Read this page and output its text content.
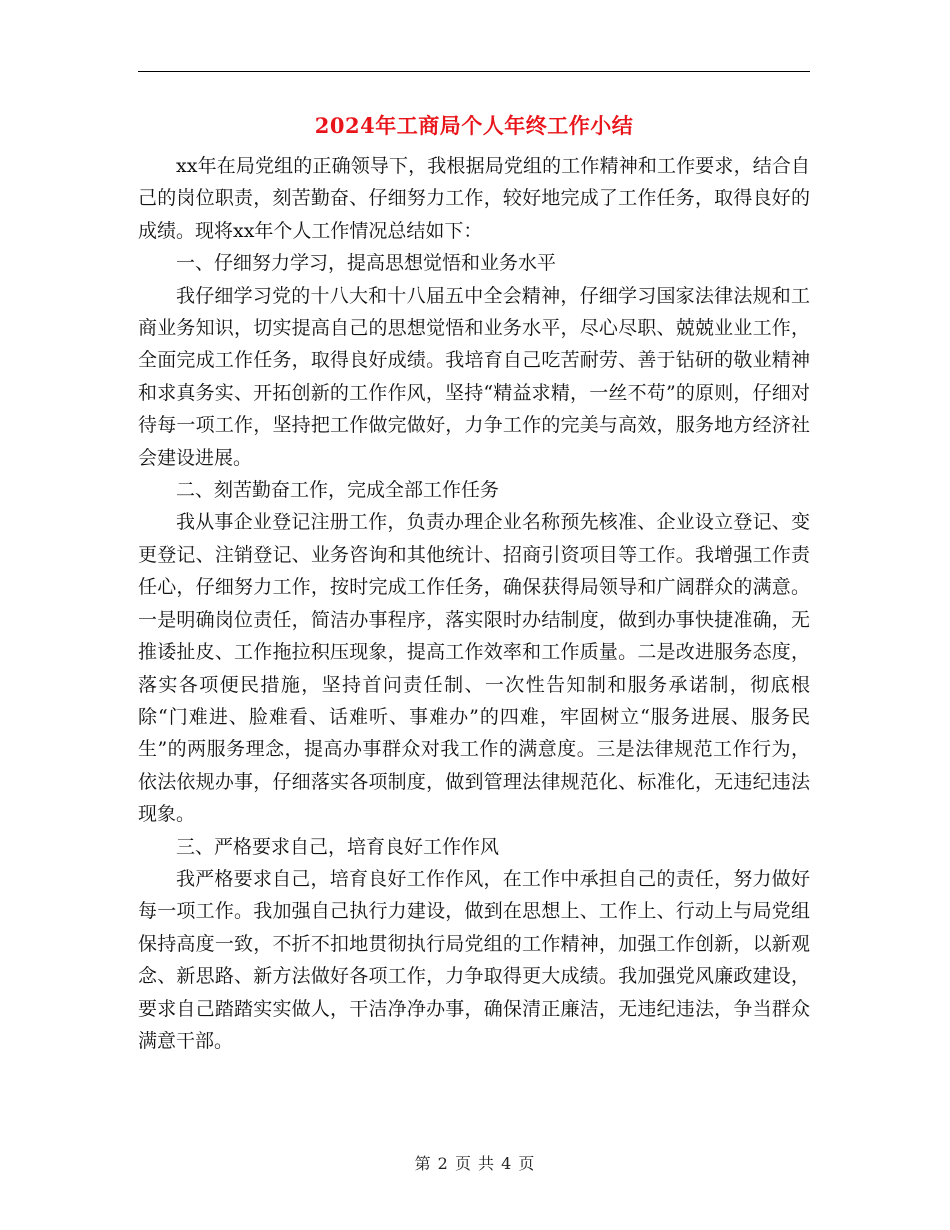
2024年工商局个人年终工作小结

xx年在局党组的正确领导下，我根据局党组的工作精神和工作要求，结合自己的岗位职责，刻苦勤奋、仔细努力工作，较好地完成了工作任务，取得良好的成绩。现将xx年个人工作情况总结如下：

一、仔细努力学习，提高思想觉悟和业务水平

我仔细学习党的十八大和十八届五中全会精神，仔细学习国家法律法规和工商业务知识，切实提高自己的思想觉悟和业务水平，尽心尽职、兢兢业业工作，全面完成工作任务，取得良好成绩。我培育自己吃苦耐劳、善于钻研的敬业精神和求真务实、开拓创新的工作作风，坚持“精益求精，一丝不苟”的原则，仔细对待每一项工作，坚持把工作做完做好，力争工作的完美与高效，服务地方经济社会建设进展。

二、刻苦勤奋工作，完成全部工作任务

我从事企业登记注册工作，负责办理企业名称预先核准、企业设立登记、变更登记、注销登记、业务咨询和其他统计、招商引资项目等工作。我增强工作责任心，仔细努力工作，按时完成工作任务，确保获得局领导和广阔群众的满意。一是明确岗位责任，简洁办事程序，落实限时办结制度，做到办事快捷准确，无推诿扯皮、工作拖拉积压现象，提高工作效率和工作质量。二是改进服务态度，落实各项便民措施，坚持首问责任制、一次性告知制和服务承诺制，彻底根除“门难进、脸难看、话难听、事难办”的四难，牢固树立“服务进展、服务民生”的两服务理念，提高办事群众对我工作的满意度。三是法律规范工作行为，依法依规办事，仔细落实各项制度，做到管理法律规范化、标准化，无违纪违法现象。

三、严格要求自己，培育良好工作作风

我严格要求自己，培育良好工作作风，在工作中承担自己的责任，努力做好每一项工作。我加强自己执行力建设，做到在思想上、工作上、行动上与局党组保持高度一致，不折不扣地贯彻执行局党组的工作精神，加强工作创新，以新观念、新思路、新方法做好各项工作，力争取得更大成绩。我加强党风廉政建设，要求自己踏踏实实做人，干洁净净办事，确保清正廉洁，无违纪违法，争当群众满意干部。

第 2 页 共 4 页
